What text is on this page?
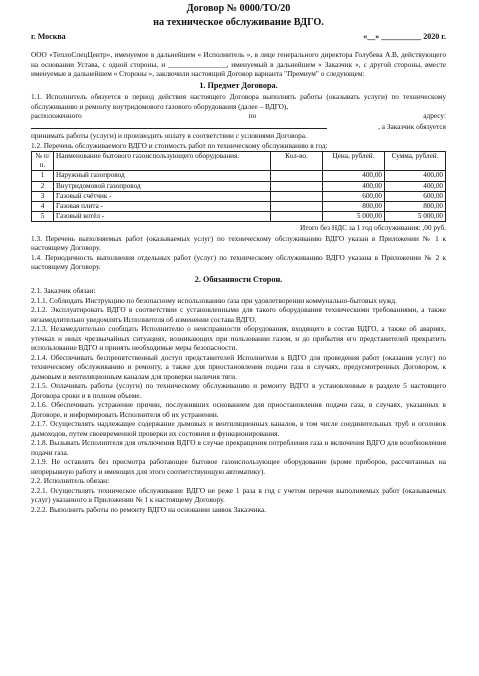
Договор № 0000/ТО/20
на техническое обслуживание ВДГО.
г. Москва	«__» __________ 2020 г.

ООО «ТеплоСпецЦентр», именуемое в дальнейшем « Исполнитель », в лице генерального директора Голубева А.В, действующего на основании Устава, с одной стороны, и ________________, именуемый в дальнейшем « Заказчик », с другой стороны, вместе именуемые в дальнейшем « Стороны », заключили настоящий Договор варианта "Премиум" о следующем:

1. Предмет Договора.

1.1. Исполнитель обязуется в период действия настоящего Договора выполнять работы (оказывать услуги) по техническому обслуживанию и ремонту внутридомового газового оборудования (далее – ВДГО),

расположенного	по	адресу:
, а Заказчик обязуется

принимать работы (услуги) и производить оплату в соответствии с условиями Договора.

1.2. Перечень обслуживаемого ВДГО и стоимость работ по техническому обслуживанию в год:

№ п/п.	Наименование бытового газоиспользующего оборудования.	Кол-во.	Цена, рублей.	Сумма, рублей.
1	Наружный газопровод		400,00	400,00
2	Внутридомовой газопровод		400,00	400,00
3	Газовый счётчик -		600,00	600,00
4	Газовая плита -		800,00	800,00
5	Газовый котёл -		5 000,00	5 000,00
Итого без НДС за 1 год обслуживания: ,00 руб.

1.3. Перечень выполняемых работ (оказываемых услуг) по техническому обслуживанию ВДГО указан в Приложении № 1 к настоящему Договору.

1.4. Периодичность выполнения отдельных работ (услуг) по техническому обслуживанию ВДГО указана в Приложении № 2 к настоящему Договору.

2. Обязанности Сторон.

2.1. Заказчик обязан:

2.1.1. Соблюдать Инструкцию по безопасному использованию газа при удовлетворении коммунально-бытовых нужд.

2.1.2. Эксплуатировать ВДГО в соответствии с установленными для такого оборудования техническими требованиями, а также незамедлительно уведомлять Исполнителя об изменении состава ВДГО.

2.1.3. Незамедлительно сообщать Исполнителю о неисправности оборудования, входящего в состав ВДГО, а также об авариях, утечках и иных чрезвычайных ситуациях, возникающих при пользовании газом, и до прибытия его представителей прекратить использование ВДГО и принять необходимые меры безопасности.

2.1.4. Обеспечивать беспрепятственный доступ представителей Исполнителя к ВДГО для проведения работ (оказания услуг) по техническому обслуживанию и ремонту, а также для приостановления подачи газа в случаях, предусмотренных Договором, к дымовым и вентиляционным каналам для проверки наличия тяги.

2.1.5. Оплачивать работы (услуги) по техническому обслуживанию и ремонту ВДГО в установленные в разделе 5 настоящего Договора сроки и в полном объеме.

2.1.6. Обеспечивать устранение причин, послуживших основанием для приостановления подачи газа, в случаях, указанных в Договоре, и информировать Исполнителя об их устранении.

2.1.7. Осуществлять надлежащее содержание дымовых и вентиляционных каналов, в том числе соединительных труб и оголовок дымоходов, путем своевременной проверки их состояния и функционирования.

2.1.8. Вызывать Исполнителя для отключения ВДГО в случае прекращения потребления газа и включения ВДГО для возобновления подачи газа.

2.1.9. Не оставлять без присмотра работающее бытовое газоиспользующее оборудование (кроме приборов, рассчитанных на непрерывную работу и имеющих для этого соответствующую автоматику).

2.2. Исполнитель обязан:

2.2.1. Осуществлять техническое обслуживание ВДГО не реже 1 раза в год с учетом перечня выполняемых работ (оказываемых услуг) указанного в Приложении № 1 к настоящему Договору.

2.2.2. Выполнить работы по ремонту ВДГО на основании заявок Заказчика.
